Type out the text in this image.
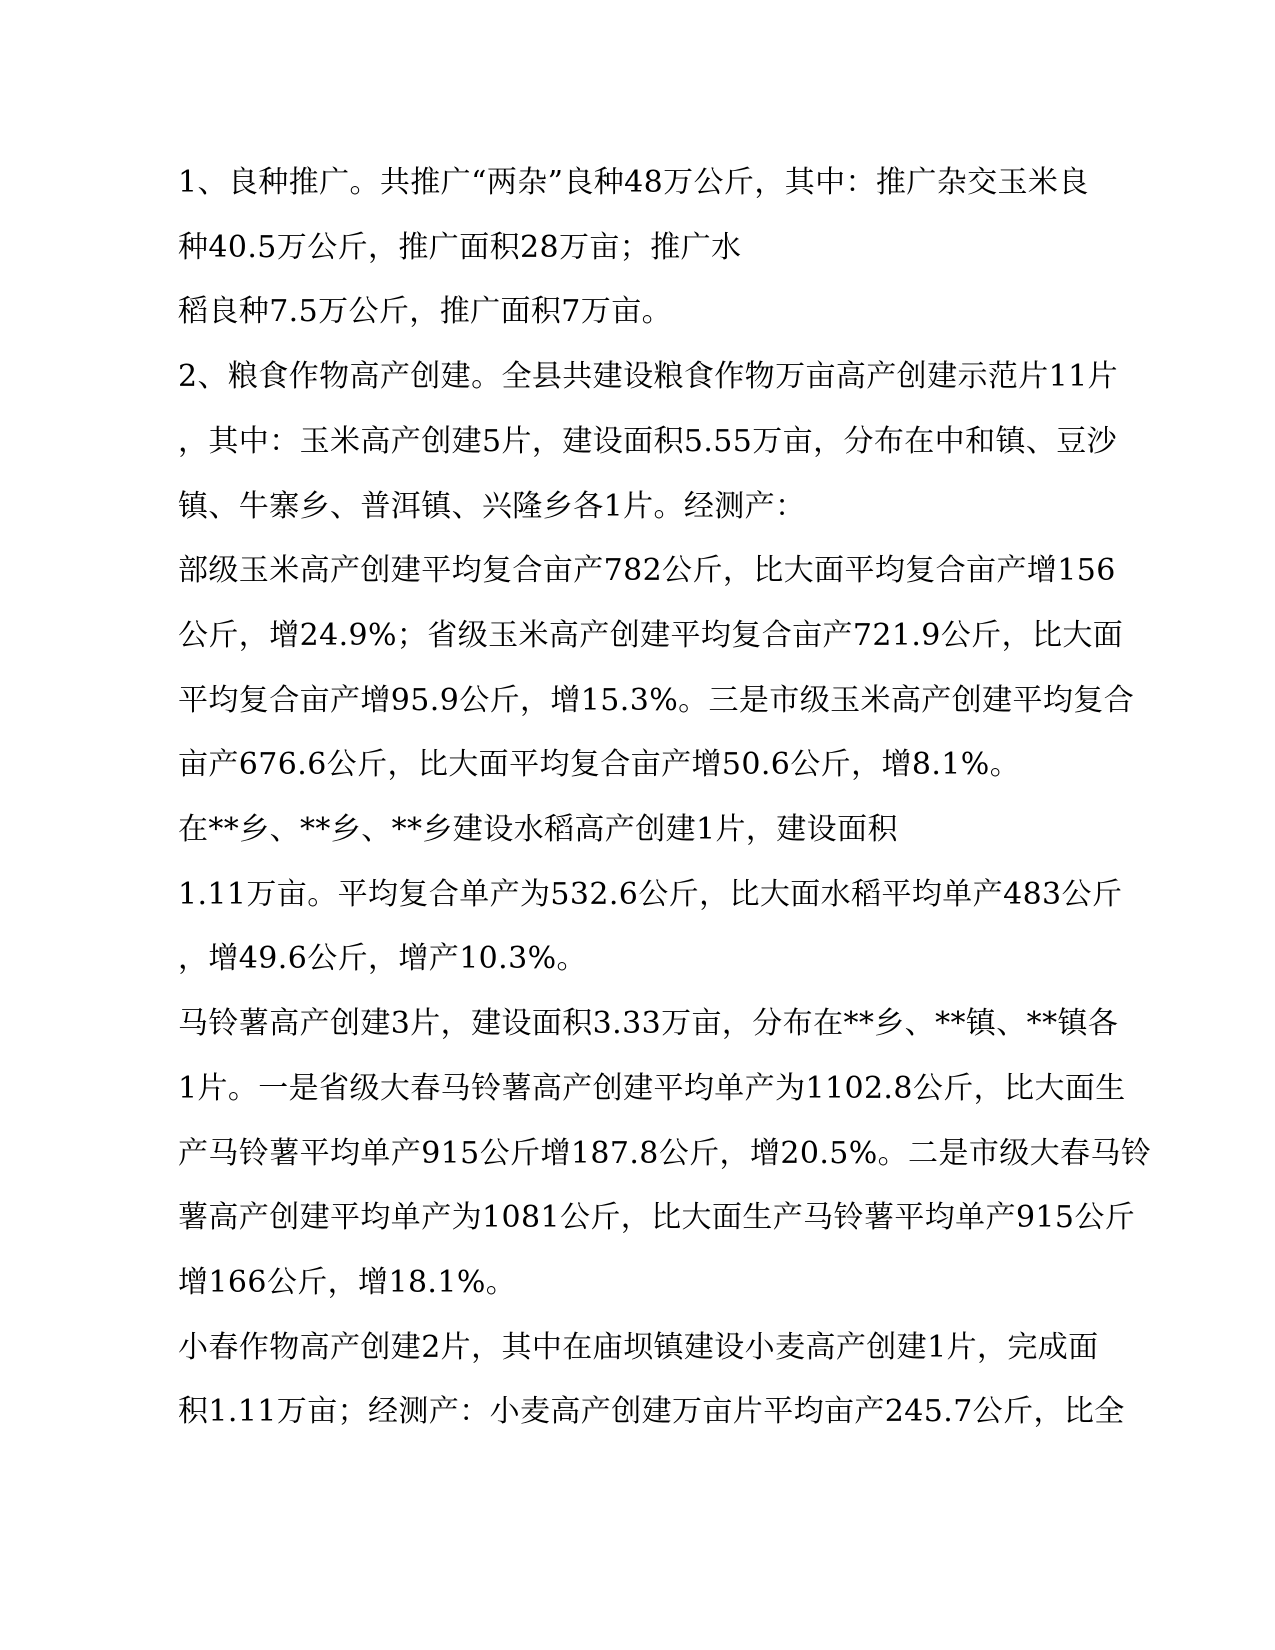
1、良种推广。共推广“两杂”良种48万公斤，其中：推广杂交玉米良
种40.5万公斤，推广面积28万亩；推广水
稻良种7.5万公斤，推广面积7万亩。
2、粮食作物高产创建。全县共建设粮食作物万亩高产创建示范片11片
，其中：玉米高产创建5片，建设面积5.55万亩，分布在中和镇、豆沙
镇、牛寨乡、普洱镇、兴隆乡各1片。经测产：
部级玉米高产创建平均复合亩产782公斤，比大面平均复合亩产增156
公斤，增24.9%；省级玉米高产创建平均复合亩产721.9公斤，比大面
平均复合亩产增95.9公斤，增15.3%。三是市级玉米高产创建平均复合
亩产676.6公斤，比大面平均复合亩产增50.6公斤，增8.1%。
在**乡、**乡、**乡建设水稻高产创建1片，建设面积
1.11万亩。平均复合单产为532.6公斤，比大面水稻平均单产483公斤
，增49.6公斤，增产10.3%。
马铃薯高产创建3片，建设面积3.33万亩，分布在**乡、**镇、**镇各
1片。一是省级大春马铃薯高产创建平均单产为1102.8公斤，比大面生
产马铃薯平均单产915公斤增187.8公斤，增20.5%。二是市级大春马铃
薯高产创建平均单产为1081公斤，比大面生产马铃薯平均单产915公斤
增166公斤，增18.1%。
小春作物高产创建2片，其中在庙坝镇建设小麦高产创建1片，完成面
积1.11万亩；经测产：小麦高产创建万亩片平均亩产245.7公斤，比全
